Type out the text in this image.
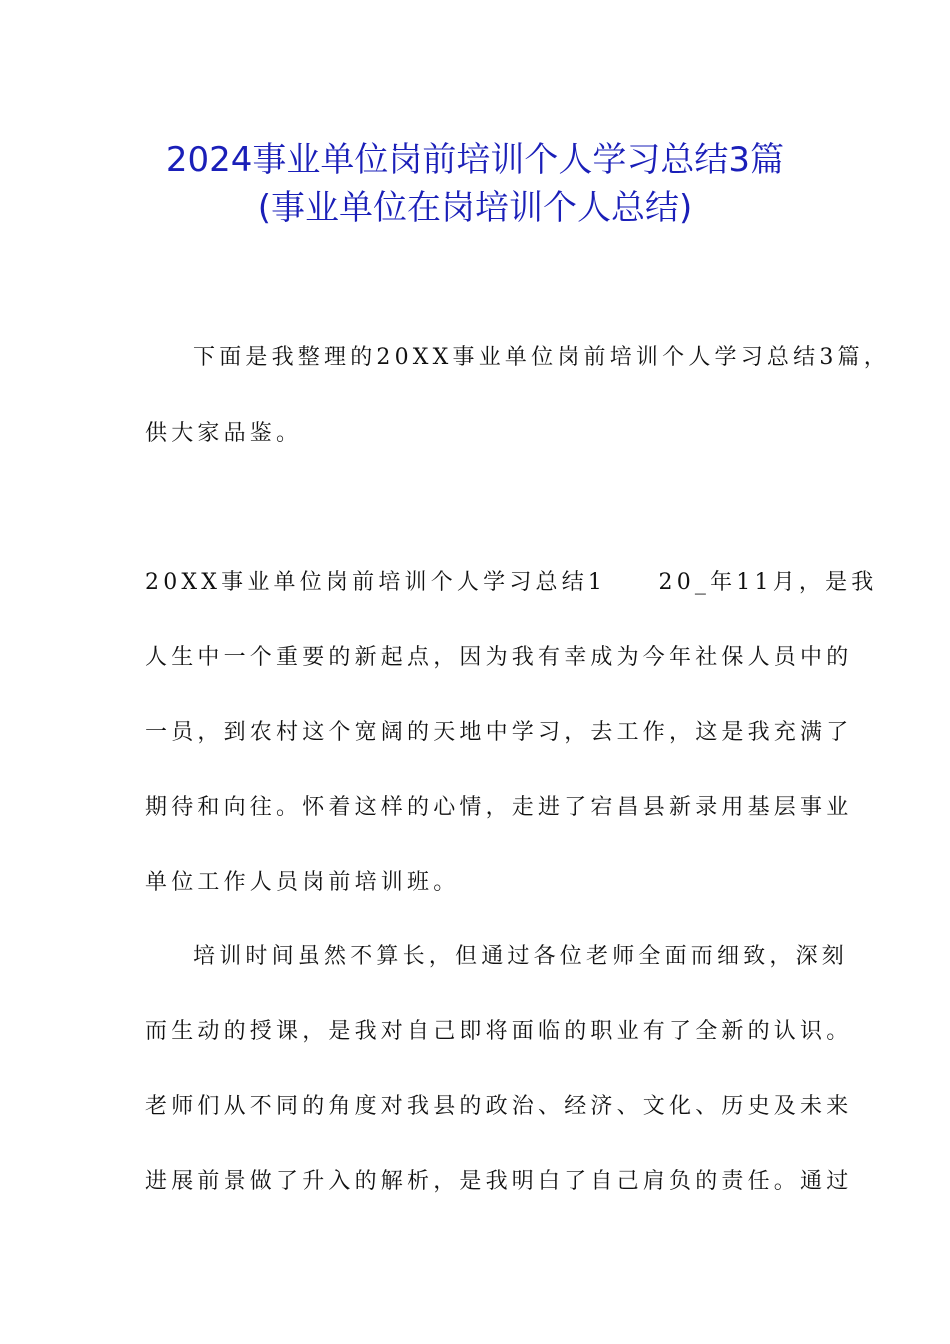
2024事业单位岗前培训个人学习总结3篇
(事业单位在岗培训个人总结)
下面是我整理的20XX事业单位岗前培训个人学习总结3篇，
供大家品鉴。
20XX事业单位岗前培训个人学习总结1　　20_年11月，是我
人生中一个重要的新起点，因为我有幸成为今年社保人员中的
一员，到农村这个宽阔的天地中学习，去工作，这是我充满了
期待和向往。怀着这样的心情，走进了宕昌县新录用基层事业
单位工作人员岗前培训班。
培训时间虽然不算长，但通过各位老师全面而细致，深刻
而生动的授课，是我对自己即将面临的职业有了全新的认识。
老师们从不同的角度对我县的政治、经济、文化、历史及未来
进展前景做了升入的解析，是我明白了自己肩负的责任。通过
